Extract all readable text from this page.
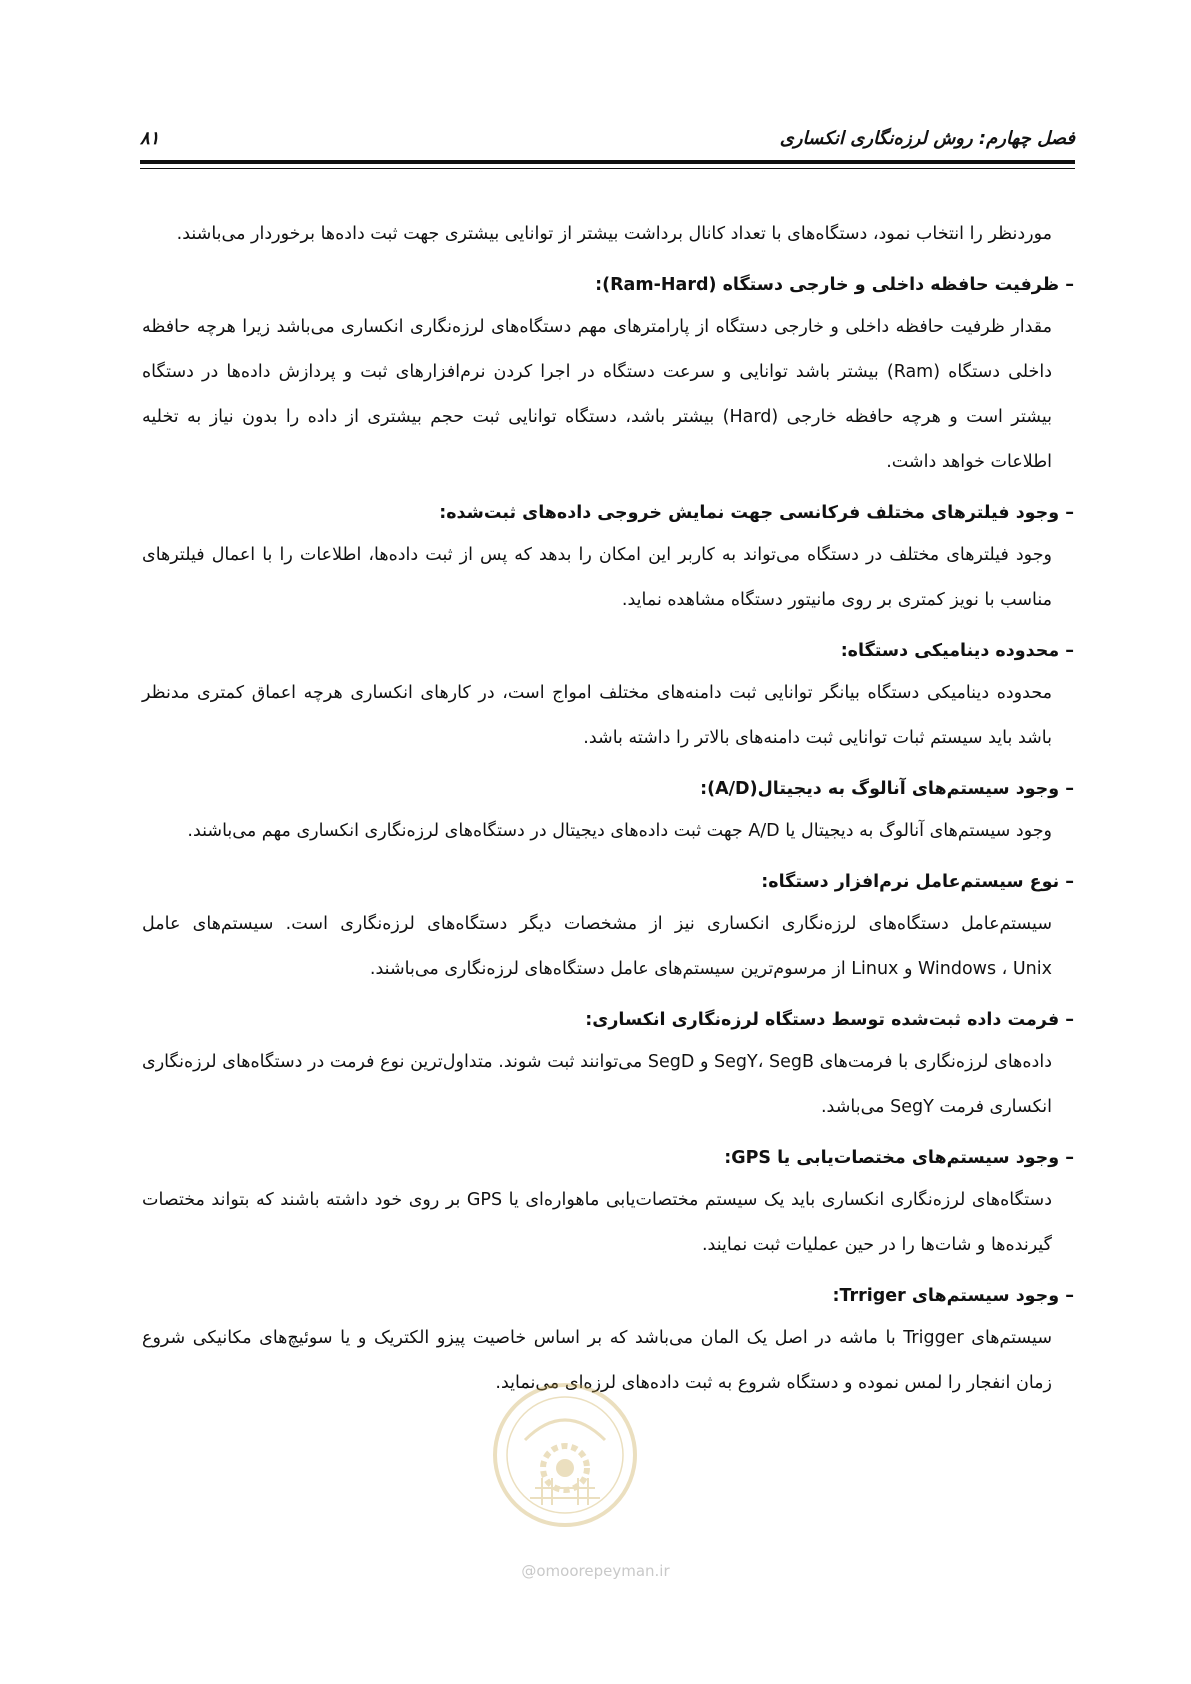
فصل چهارم: روش لرزه‌نگاری انکساری
۸۱

موردنظر را انتخاب نمود، دستگاه‌های با تعداد کانال برداشت بیشتر از توانایی بیشتری جهت ثبت داده‌ها برخوردار می‌باشند.

– ظرفیت حافظه داخلی و خارجی دستگاه (Ram-Hard):

مقدار ظرفیت حافظه داخلی و خارجی دستگاه از پارامترهای مهم دستگاه‌های لرزه‌نگاری انکساری می‌باشد زیرا هرچه حافظه داخلی دستگاه (Ram) بیشتر باشد توانایی و سرعت دستگاه در اجرا کردن نرم‌افزارهای ثبت و پردازش داده‌ها در دستگاه بیشتر است و هرچه حافظه خارجی (Hard) بیشتر باشد، دستگاه توانایی ثبت حجم بیشتری از داده را بدون نیاز به تخلیه اطلاعات خواهد داشت.

– وجود فیلترهای مختلف فرکانسی جهت نمایش خروجی داده‌های ثبت‌شده:

وجود فیلترهای مختلف در دستگاه می‌تواند به کاربر این امکان را بدهد که پس از ثبت داده‌ها، اطلاعات را با اعمال فیلترهای مناسب با نویز کمتری بر روی مانیتور دستگاه مشاهده نماید.

– محدوده دینامیکی دستگاه:

محدوده دینامیکی دستگاه بیانگر توانایی ثبت دامنه‌های مختلف امواج است، در کارهای انکساری هرچه اعماق کمتری مدنظر باشد باید سیستم ثبات توانایی ثبت دامنه‌های بالاتر را داشته باشد.

– وجود سیستم‌های آنالوگ به دیجیتال(A/D):

وجود سیستم‌های آنالوگ به دیجیتال یا A/D جهت ثبت داده‌های دیجیتال در دستگاه‌های لرزه‌نگاری انکساری مهم می‌باشند.

– نوع سیستم‌عامل نرم‌افزار دستگاه:

سیستم‌عامل دستگاه‌های لرزه‌نگاری انکساری نیز از مشخصات دیگر دستگاه‌های لرزه‌نگاری است. سیستم‌های عامل Windows ، Unix و Linux از مرسوم‌ترین سیستم‌های عامل دستگاه‌های لرزه‌نگاری می‌باشند.

– فرمت داده ثبت‌شده توسط دستگاه لرزه‌نگاری انکساری:

داده‌های لرزه‌نگاری با فرمت‌های SegY، SegB و SegD می‌توانند ثبت شوند. متداول‌ترین نوع فرمت در دستگاه‌های لرزه‌نگاری انکساری فرمت SegY می‌باشد.

– وجود سیستم‌های مختصات‌یابی یا GPS:

دستگاه‌های لرزه‌نگاری انکساری باید یک سیستم مختصات‌یابی ماهواره‌ای یا GPS بر روی خود داشته باشند که بتواند مختصات گیرنده‌ها و شات‌ها را در حین عملیات ثبت نمایند.

– وجود سیستم‌های Trriger:

سیستم‌های Trigger با ماشه در اصل یک المان می‌باشد که بر اساس خاصیت پیزو الکتریک و یا سوئیچ‌های مکانیکی شروع زمان انفجار را لمس نموده و دستگاه شروع به ثبت داده‌های لرزه‌ای می‌نماید.

@omoorepeyman.ir
